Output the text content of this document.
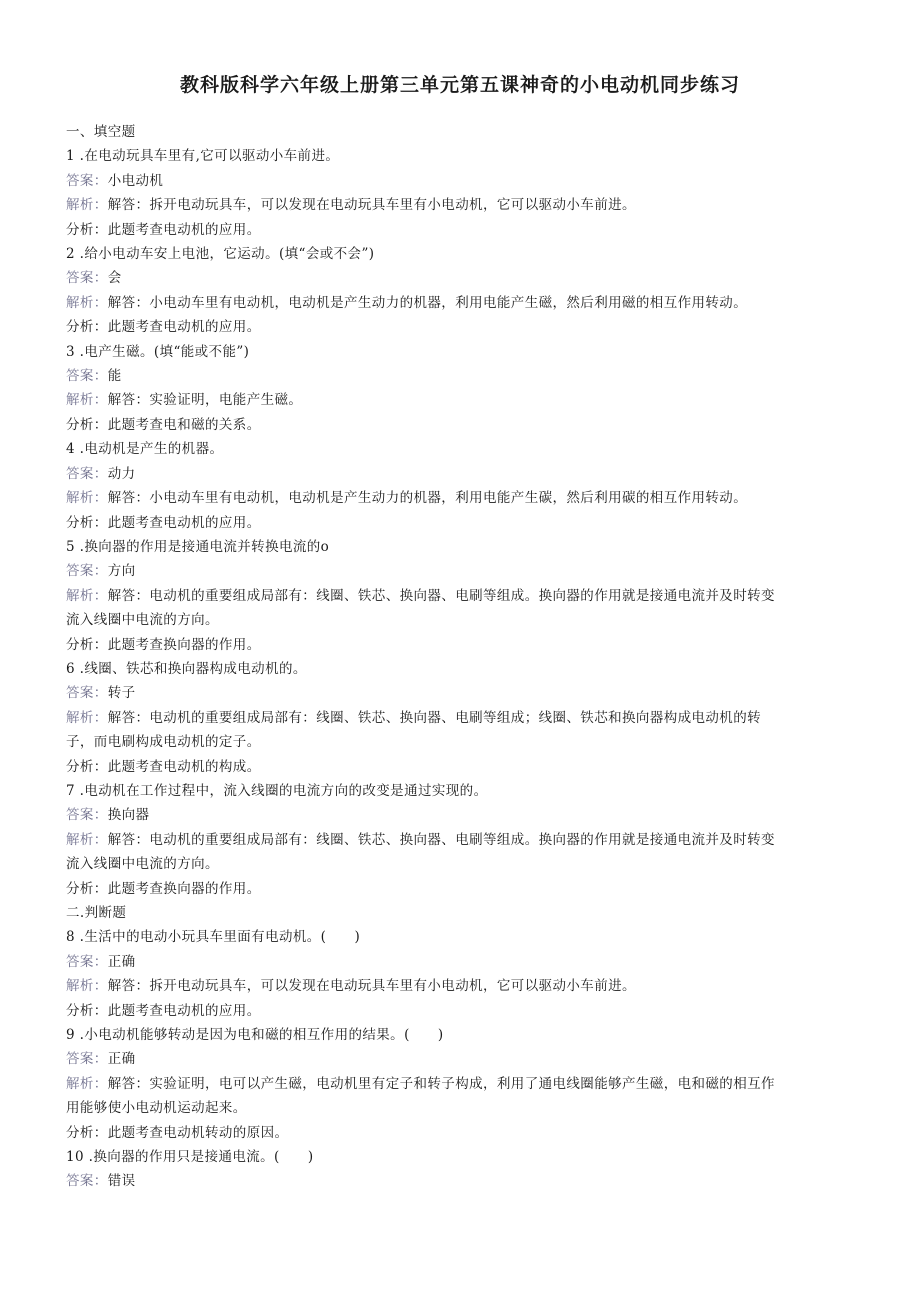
教科版科学六年级上册第三单元第五课神奇的小电动机同步练习
一、填空题
1 .在电动玩具车里有,它可以驱动小车前进。
答案：小电动机
解析：解答：拆开电动玩具车，可以发现在电动玩具车里有小电动机，它可以驱动小车前进。
分析：此题考查电动机的应用。
2 .给小电动车安上电池，它运动。(填“会或不会”)
答案：会
解析：解答：小电动车里有电动机，电动机是产生动力的机器，利用电能产生磁，然后利用磁的相互作用转动。
分析：此题考查电动机的应用。
3 .电产生磁。(填“能或不能”)
答案：能
解析：解答：实验证明，电能产生磁。
分析：此题考查电和磁的关系。
4 .电动机是产生的机器。
答案：动力
解析：解答：小电动车里有电动机，电动机是产生动力的机器，利用电能产生碳，然后利用碳的相互作用转动。
分析：此题考查电动机的应用。
5 .换向器的作用是接通电流并转换电流的o
答案：方向
解析：解答：电动机的重要组成局部有：线圈、铁芯、换向器、电刷等组成。换向器的作用就是接通电流并及时转变
流入线圈中电流的方向。
分析：此题考查换向器的作用。
6 .线圈、铁芯和换向器构成电动机的。
答案：转子
解析：解答：电动机的重要组成局部有：线圈、铁芯、换向器、电刷等组成；线圈、铁芯和换向器构成电动机的转
子，而电刷构成电动机的定子。
分析：此题考查电动机的构成。
7 .电动机在工作过程中，流入线圈的电流方向的改变是通过实现的。
答案：换向器
解析：解答：电动机的重要组成局部有：线圈、铁芯、换向器、电刷等组成。换向器的作用就是接通电流并及时转变
流入线圈中电流的方向。
分析：此题考查换向器的作用。
二.判断题
8 .生活中的电动小玩具车里面有电动机。(      )
答案：正确
解析：解答：拆开电动玩具车，可以发现在电动玩具车里有小电动机，它可以驱动小车前进。
分析：此题考查电动机的应用。
9 .小电动机能够转动是因为电和磁的相互作用的结果。(      )
答案：正确
解析：解答：实验证明，电可以产生磁，电动机里有定子和转子构成，利用了通电线圈能够产生磁，电和磁的相互作
用能够使小电动机运动起来。
分析：此题考查电动机转动的原因。
10 .换向器的作用只是接通电流。(      )
答案：错误
